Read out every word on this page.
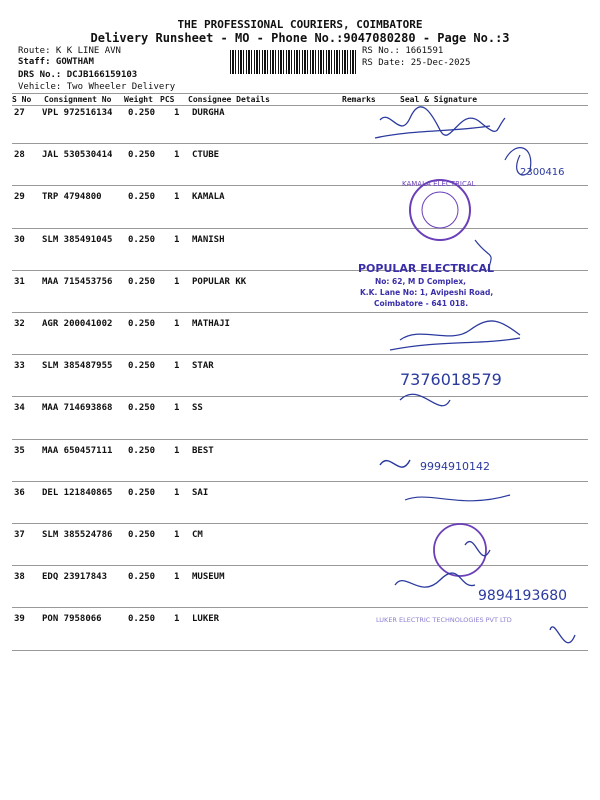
THE PROFESSIONAL COURIERS, COIMBATORE
Delivery Runsheet - MO - Phone No.:9047080280 - Page No.:3
Route: K K LINE AVN
Staff: GOWTHAM
DRS No.: DCJB166159103
Vehicle: Two Wheeler Delivery
RS No.: 1661591
RS Date: 25-Dec-2025
S No Consignment No Weight PCS Consignee Details	Remarks	Seal & Signature
27 VPL 972516134 0.250 1 DURGHA
28 JAL 530530414 0.250 1 CTUBE
29 TRP 4794800	0.250 1 KAMALA
30 SLM 385491045 0.250 1 MANISH
31 MAA 715453756 0.250 1 POPULAR KK
32 AGR 200041002 0.250 1 MATHAJI
33 SLM 385487955 0.250 1 STAR
34 MAA 714693868 0.250 1 SS
35 MAA 650457111 0.250 1 BEST
36 DEL 121840865 0.250 1 SAI
37 SLM 385524786 0.250 1 CM
38 EDQ 23917843 0.250 1 MUSEUM
39 PON 7958066	0.250 1 LUKER
2300416
KAMALA ELECTRICAL
POPULAR ELECTRICAL
No: 62, M D Complex,
K.K. Lane No: 1, Avipeshi Road,
Coimbatore - 641 018.
7376018579
9994910142
9894193680
LUKER ELECTRIC TECHNOLOGIES PVT LTD
